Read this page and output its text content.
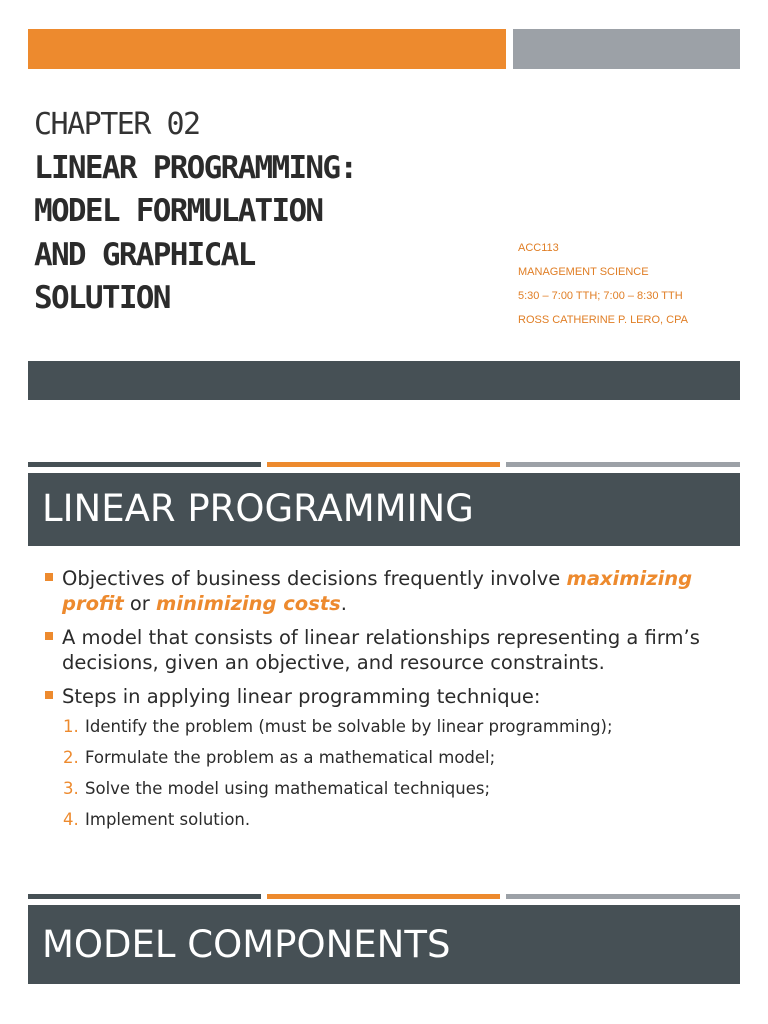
CHAPTER 02
LINEAR PROGRAMMING:
MODEL FORMULATION
AND GRAPHICAL
SOLUTION
ACC113
MANAGEMENT SCIENCE
5:30 – 7:00 TTH; 7:00 – 8:30 TTH
ROSS CATHERINE P. LERO, CPA
LINEAR PROGRAMMING
Objectives of business decisions frequently involve maximizing
profit or minimizing costs.
A model that consists of linear relationships representing a firm’s
decisions, given an objective, and resource constraints.
Steps in applying linear programming technique:
1. Identify the problem (must be solvable by linear programming);
2. Formulate the problem as a mathematical model;
3. Solve the model using mathematical techniques;
4. Implement solution.
MODEL COMPONENTS
